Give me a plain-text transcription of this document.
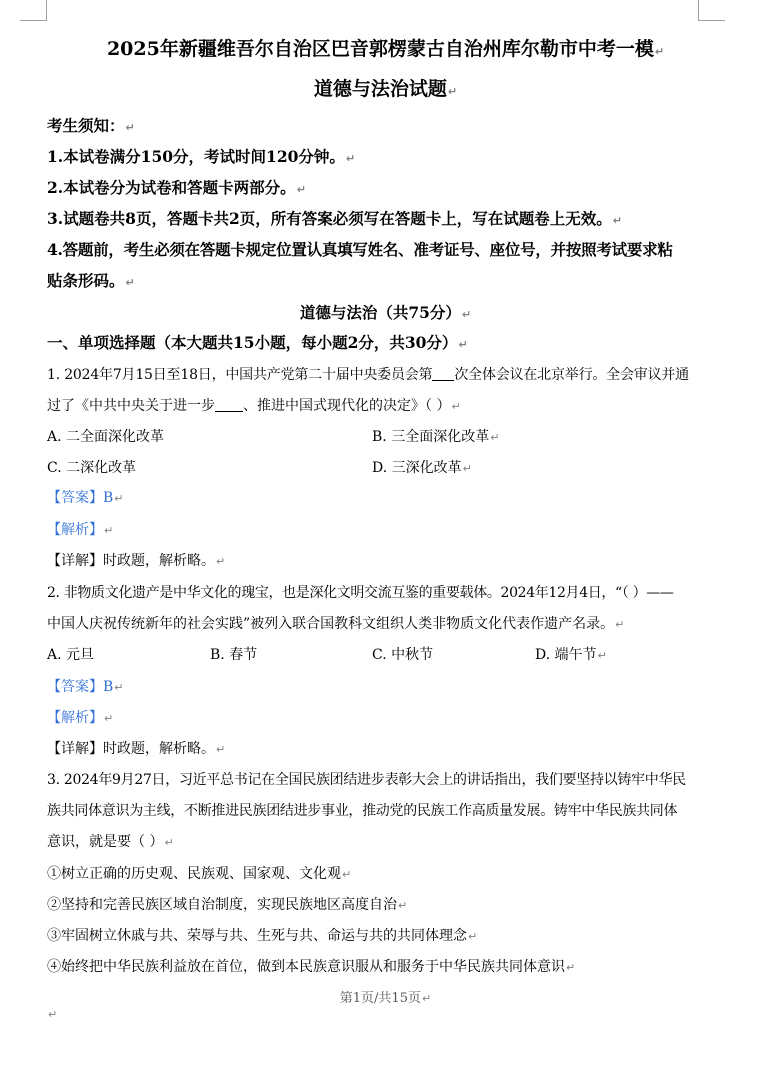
2025年新疆维吾尔自治区巴音郭楞蒙古自治州库尔勒市中考一模↵
道德与法治试题↵
考生须知：↵
1.本试卷满分150分，考试时间120分钟。↵
2.本试卷分为试卷和答题卡两部分。↵
3.试题卷共8页，答题卡共2页，所有答案必须写在答题卡上，写在试题卷上无效。↵
4.答题前，考生必须在答题卡规定位置认真填写姓名、准考证号、座位号，并按照考试要求粘
贴条形码。↵
道德与法治（共75分）↵
一、单项选择题（本大题共15小题，每小题2分，共30分）↵
1. 2024年7月15日至18日，中国共产党第二十届中央委员会第 次全体会议在北京举行。全会审议并通
过了《中共中央关于进一步 、推进中国式现代化的决定》（ ）↵
A. 二全面深化改革	B. 三全面深化改革↵
C. 二深化改革	D. 三深化改革↵
【答案】B↵
【解析】↵
【详解】时政题，解析略。↵
2. 非物质文化遗产是中华文化的瑰宝，也是深化文明交流互鉴的重要载体。2024年12月4日，“（ ）——
中国人庆祝传统新年的社会实践”被列入联合国教科文组织人类非物质文化代表作遗产名录。↵
A. 元旦	B. 春节	C. 中秋节	D. 端午节↵
【答案】B↵
【解析】↵
【详解】时政题，解析略。↵
3. 2024年9月27日，习近平总书记在全国民族团结进步表彰大会上的讲话指出，我们要坚持以铸牢中华民
族共同体意识为主线，不断推进民族团结进步事业，推动党的民族工作高质量发展。铸牢中华民族共同体
意识，就是要（ ）↵
①树立正确的历史观、民族观、国家观、文化观↵
②坚持和完善民族区域自治制度，实现民族地区高度自治↵
③牢固树立休戚与共、荣辱与共、生死与共、命运与共的共同体理念↵
④始终把中华民族利益放在首位，做到本民族意识服从和服务于中华民族共同体意识↵
第1页/共15页↵
↵
